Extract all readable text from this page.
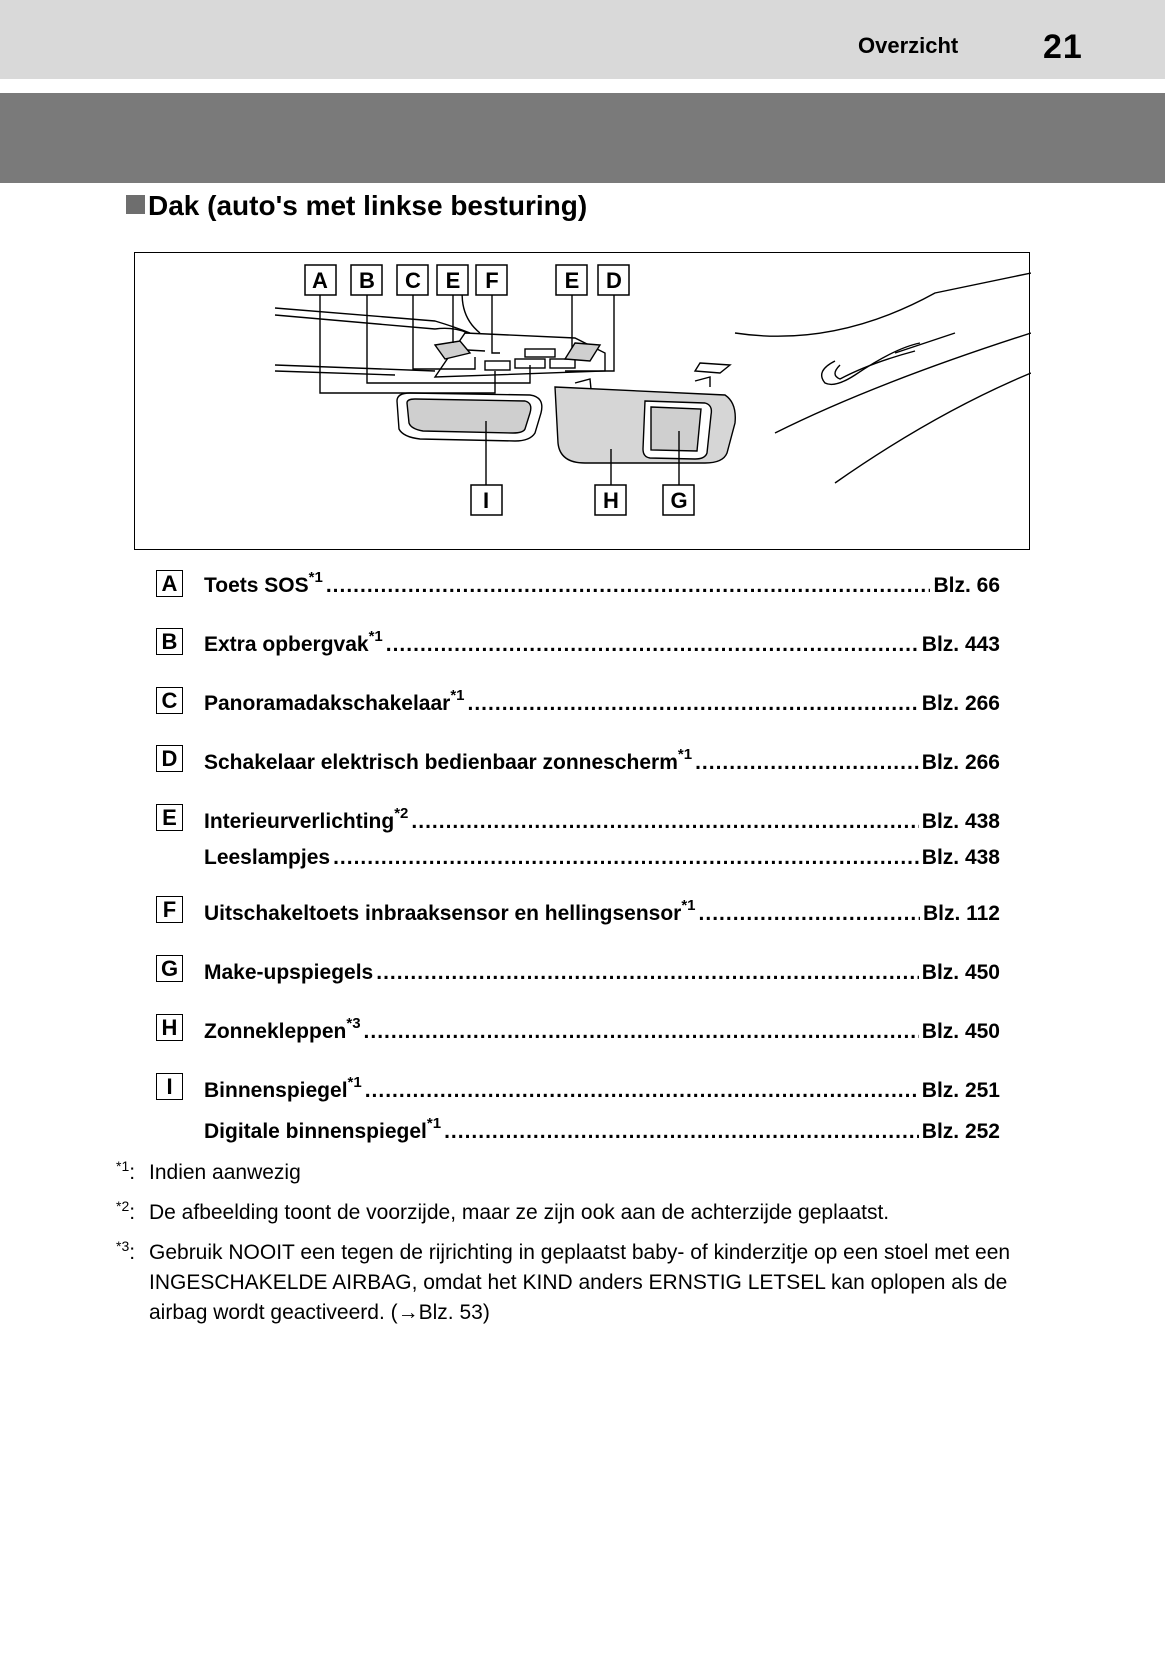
Overzicht 21
Dak (auto's met linkse besturing)
A B C E F	E D
I	H G
A Toets SOS$^{*1}$ .....	Blz. 66
B Extra opbergvak$^{*1}$ .....	Blz. 443
C Panoramadakschakelaar$^{*1}$ .....	Blz. 266
D Schakelaar elektrisch bedienbaar zonnescherm$^{*1}$ .....	Blz. 266
E Interieurverlichting$^{*2}$ .....	Blz. 438
Leeslampjes .....	Blz. 438
F	Uitschakeltoets inbraaksensor en hellingsensor$^{*1}$ .....	Blz. 112
G Make-upspiegels .....	Blz. 450
H Zonnekleppen$^{*3}$ .....	Blz. 450
I	Binnenspiegel$^{*1}$ .....	Blz. 251
Digitale binnenspiegel$^{*1}$ .....	Blz. 252
$^{*1}$: Indien aanwezig
$^{*2}$: De afbeelding toont de voorzijde, maar ze zijn ook aan de achterzijde geplaatst.
$^{*3}$: Gebruik NOOIT een tegen de rijrichting in geplaatst baby- of kinderzitje op een stoel met een INGESCHAKELDE AIRBAG, omdat het KIND anders ERNSTIG LETSEL kan oplopen als de airbag wordt geactiveerd. (→Blz. 53)
